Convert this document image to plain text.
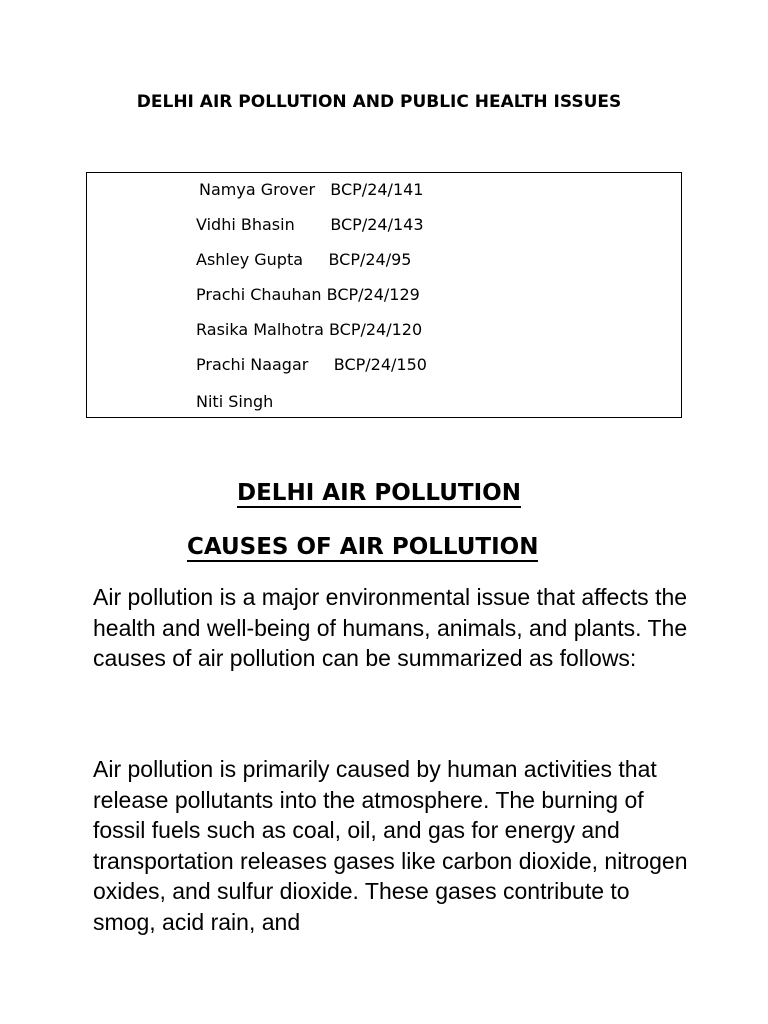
DELHI AIR POLLUTION AND PUBLIC HEALTH ISSUES
Namya Grover   BCP/24/141
Vidhi Bhasin       BCP/24/143
Ashley Gupta     BCP/24/95
Prachi Chauhan BCP/24/129
Rasika Malhotra BCP/24/120
Prachi Naagar     BCP/24/150
Niti Singh
DELHI AIR POLLUTION
CAUSES OF AIR POLLUTION

Air pollution is a major environmental issue that affects the health and well-being of humans, animals, and plants. The causes of air pollution can be summarized as follows:

Air pollution is primarily caused by human activities that release pollutants into the atmosphere. The burning of fossil fuels such as coal, oil, and gas for energy and transportation releases gases like carbon dioxide, nitrogen oxides, and sulfur dioxide. These gases contribute to smog, acid rain, and
